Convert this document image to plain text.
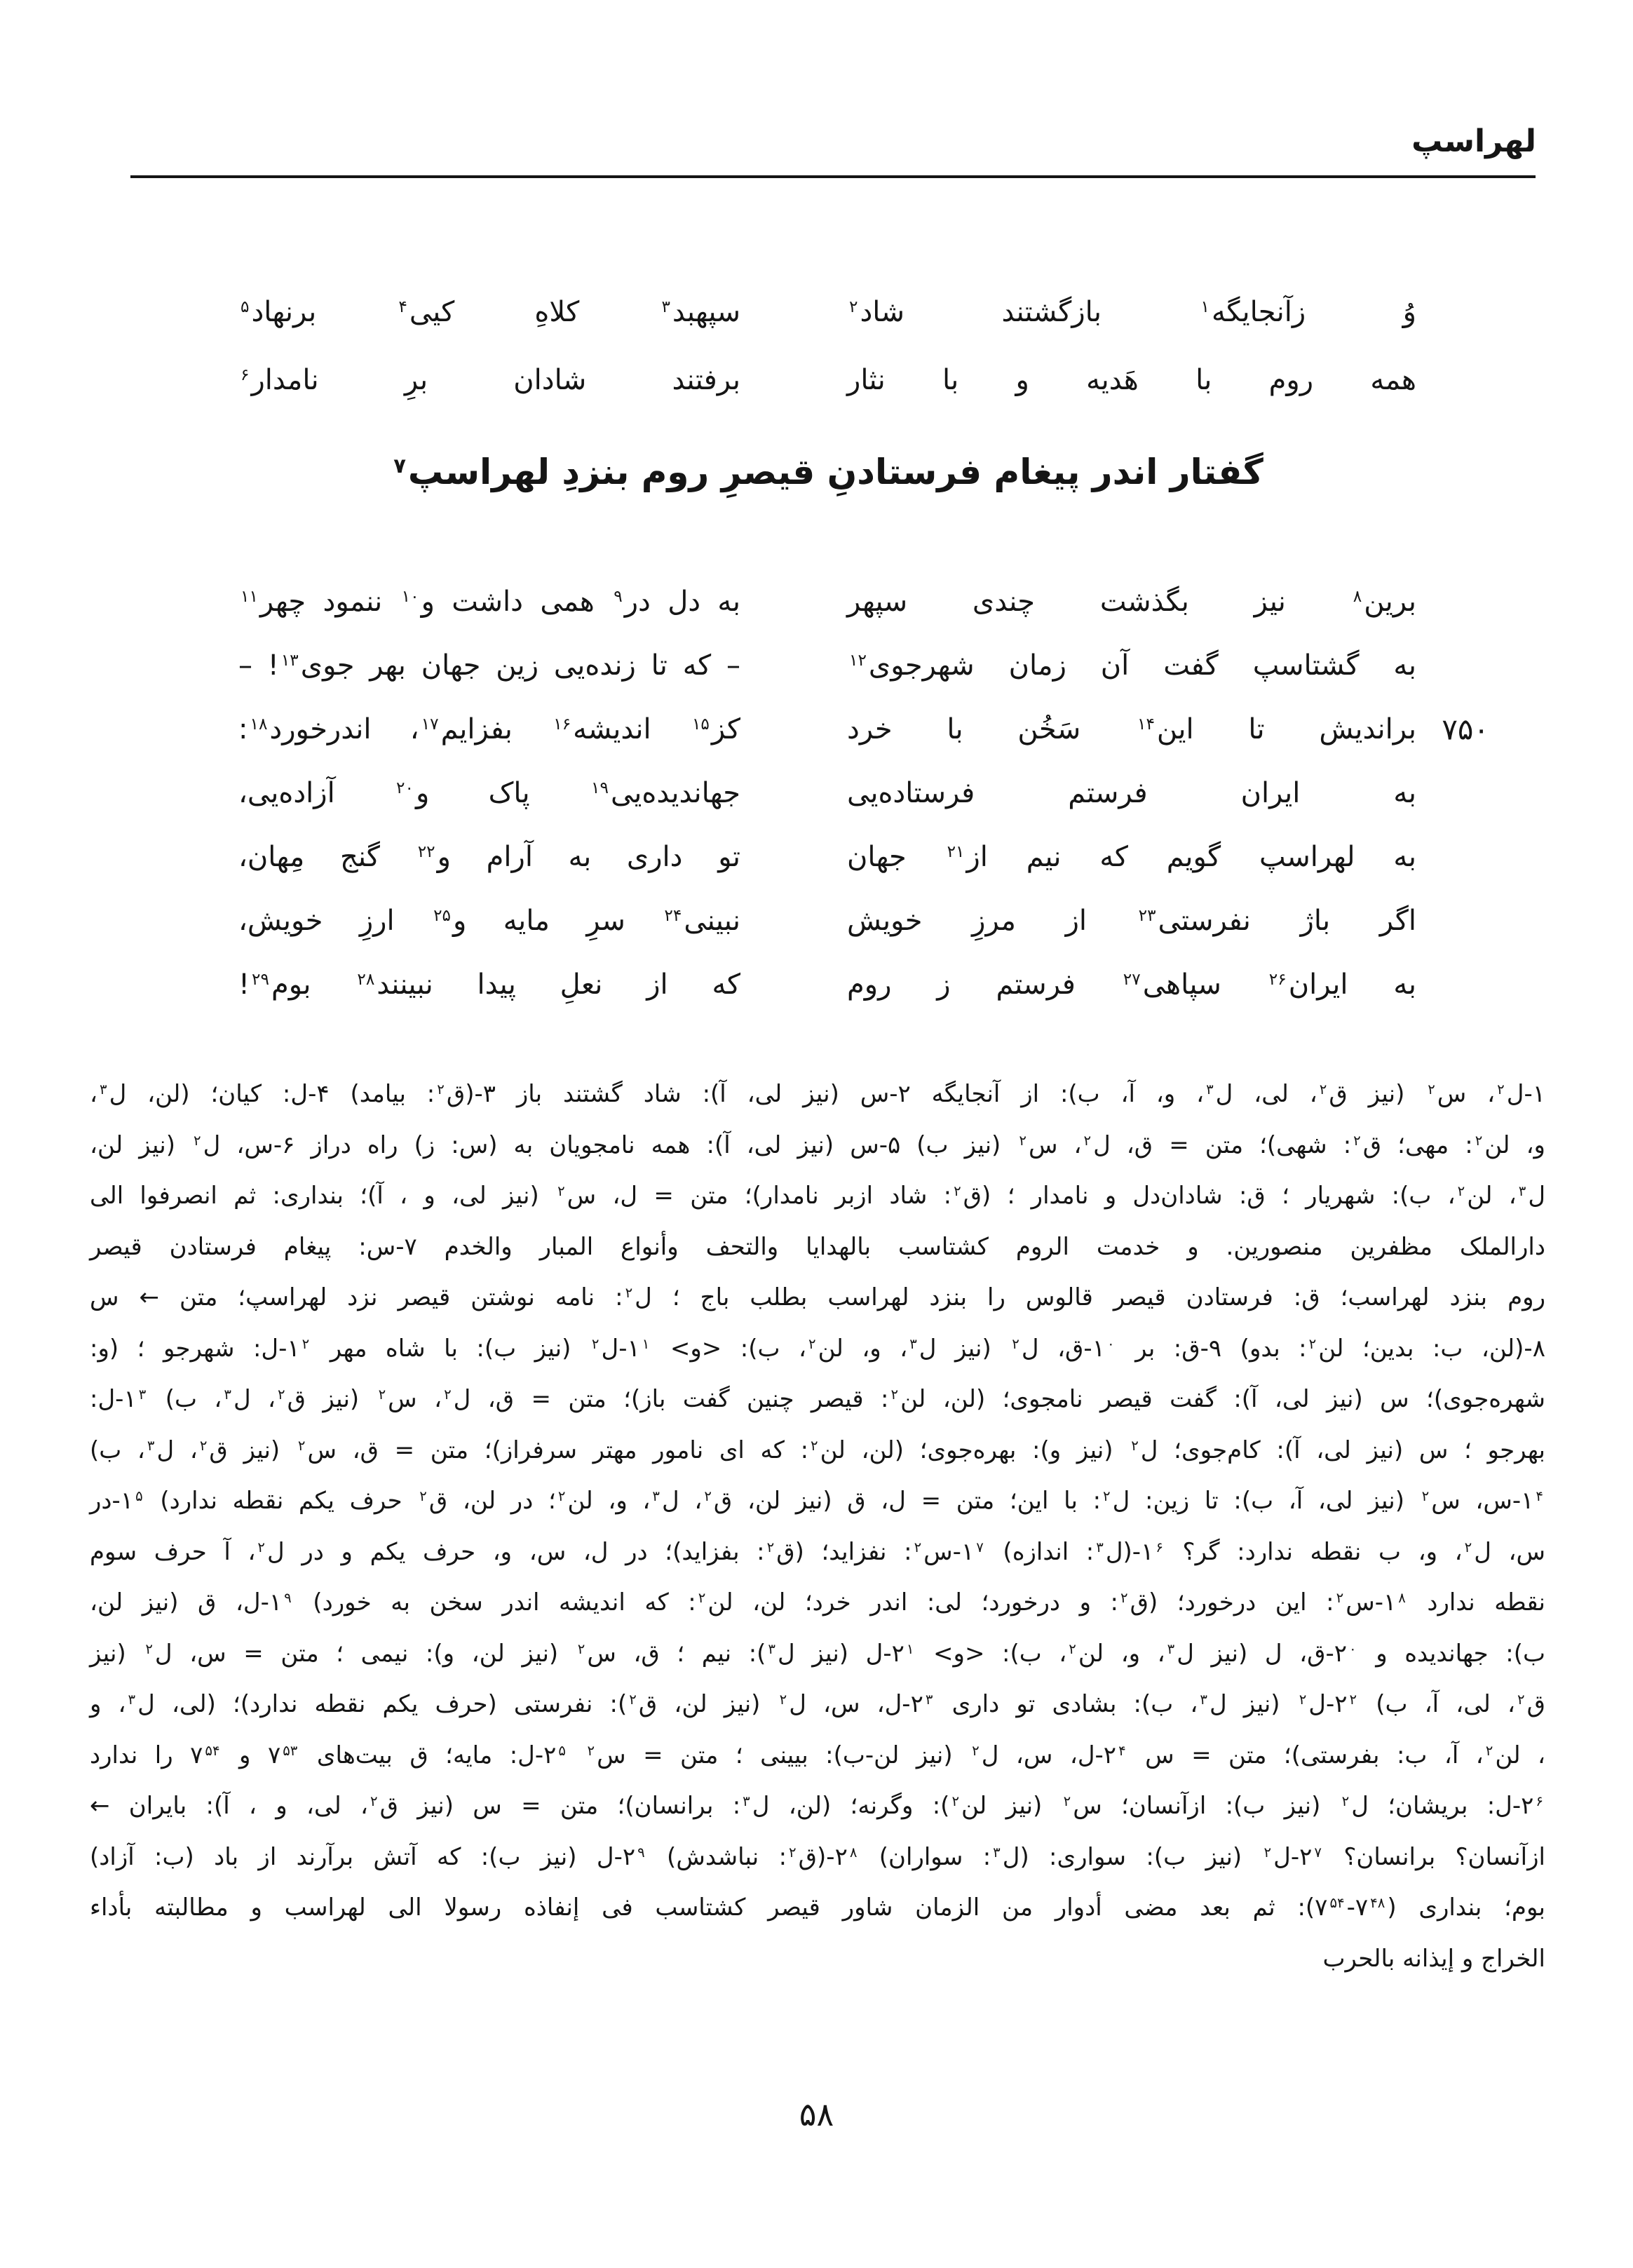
لهراسپ
وُ زآنجایگه$^۱$ بازگشتند شاد$^۲$
سپهبد$^۳$ کلاهِ کیی$^۴$ برنهاد$^۵$
همه روم با هَدیه و با نثار
برفتند شادان برِ نامدار$^۶$
گفتار اندر پیغام فرستادنِ قیصرِ روم بنزدِ لهراسپ$^۷$
برین$^۸$ نیز بگذشت چندی سپهر
به دل در$^۹$ همی داشت و$^{۱۰}$ ننمود چهر$^{۱۱}$
به گشتاسپ گفت آن زمان شهرجوی$^{۱۲}$
– که تا زنده‌یی زین جهان بهر جوی$^{۱۳}$! –
۷۵۰
براندیش تا این$^{۱۴}$ سَخُن با خرد
کز$^{۱۵}$ اندیشه$^{۱۶}$ بفزایم$^{۱۷}$، اندرخورد$^{۱۸}$:
به ایران فرستم فرستاده‌یی
جهاندیده‌یی$^{۱۹}$ پاک و$^{۲۰}$ آزاده‌یی،
به لهراسپ گویم که نیم از$^{۲۱}$ جهان
تو داری به آرام و$^{۲۲}$ گنج مِهان،
اگر باژ نفرستی$^{۲۳}$ از مرزِ خویش
نبینی$^{۲۴}$ سرِ مایه و$^{۲۵}$ ارزِ خویش،
به ایران$^{۲۶}$ سپاهی$^{۲۷}$ فرستم ز روم
که از نعلِ پیدا نبینند$^{۲۸}$ بوم$^{۲۹}$!
۱-ل$^۲$، س$^۲$ (نیز ق$^۲$، لی، ل$^۳$، و، آ، ب): از آنجایگه ۲-س (نیز لی، آ): شاد گشتند باز ۳-(ق$^۲$: بیامد) ۴-ل: کیان؛ (لن، ل$^۳$،
و، لن$^۲$: مهی؛ ق$^۲$: شهی)؛ متن = ق، ل$^۲$، س$^۲$ (نیز ب) ۵-س (نیز لی، آ): همه نامجویان به (س: ز) راه دراز ۶-س، ل$^۲$ (نیز لن،
ل$^۳$، لن$^۲$، ب): شهریار ؛ ق: شادان‌دل و نامدار ؛ (ق$^۲$: شاد ازبر نامدار)؛ متن = ل، س$^۲$ (نیز لی، و ، آ)؛ بنداری: ثم انصرفوا الی
دارالملک مظفرین منصورین. و خدمت الروم کشتاسب بالهدایا والتحف وأنواع المبار والخدم ۷-س: پیغام فرستادن قیصر
روم بنزد لهراسب؛ ق: فرستادن قیصر قالوس را بنزد لهراسب بطلب باج ؛ ل$^۲$: نامه نوشتن قیصر نزد لهراسپ؛ متن ← س
۸-(لن، ب: بدین؛ لن$^۲$: بدو) ۹-ق: بر $۱^۰-ق،$ ل$^۲$ (نیز ل$^۳$، و، لن$^۲$، ب): <و> $۱^۱-ل^۲$ (نیز ب): با شاه مهر $۱^۲-ل$: شهرجو ؛ (و:
شهره‌جوی)؛ س (نیز لی، آ): گفت قیصر نامجوی؛ (لن، لن$^۲$: قیصر چنین گفت باز)؛ متن = ق، ل$^۲$، س$^۲$ (نیز ق$^۲$، ل$^۳$، ب) $۱^۳-ل$:
بهرجو ؛ س (نیز لی، آ): کام‌جوی؛ ل$^۲$ (نیز و): بهره‌جوی؛ (لن، لن$^۲$: که ای نامور مهتر سرفراز)؛ متن = ق، س$^۲$ (نیز ق$^۲$، ل$^۳$، ب)
۱ $^۴$-س، س$^۲$ (نیز لی، آ، ب): تا زین: ل$^۲$: با این؛ متن = ل، ق (نیز لن، ق$^۲$، ل$^۳$، و، لن$^۲$؛ در لن، ق$^۲$ حرف یکم نقطه ندارد) $۱^۵-در$
س، ل$^۲$، و، ب نقطه ندارد: گر؟ $۱^۶-(ل^۳$: اندازه) $۱^۷-س^۲$: نفزاید؛ (ق$^۲$: بفزاید)؛ در ل، س، و، حرف یکم و در ل$^۲$، آ حرف سوم
نقطه ندارد $۱^۸-س^۲$: این درخورد؛ (ق$^۲$: و درخورد؛ لی: اندر خرد؛ لن، لن$^۲$: که اندیشه اندر سخن به خورد) $۱^۹-ل،$ ق (نیز لن،
ب): جهاندیده و $۲^۰-ق،$ ل (نیز ل$^۳$، و، لن$^۲$، ب): <و> $۲^۱-ل$ (نیز ل$^۳$): نیم ؛ ق، س$^۲$ (نیز لن، و): نیمی ؛ متن = س، ل$^۲$ (نیز
ق$^۲$، لی، آ، ب) $۲^۲-ل^۲$ (نیز ل$^۳$، ب): بشادی تو داری $۲^۳-ل،$ س، ل$^۲$ (نیز لن، ق$^۲$): نفرستی (حرف یکم نقطه ندارد)؛ (لی، ل$^۳$، و
، لن$^۲$، آ، ب: بفرستی)؛ متن = س $۲^۴-ل،$ س، ل$^۲$ (نیز لن-ب): بیینی ؛ متن = س$^۲$ $۲^۵-ل$: مایه؛ ق بیت‌های $۷^{۵۳}$ و $۷^{۵۴}$ را ندارد
۲ $^۶$-ل: بریشان؛ ل$^۲$ (نیز ب): ازآنسان؛ س$^۲$ (نیز لن$^۲$): وگرنه؛ (لن، ل$^۳$: برانسان)؛ متن = س (نیز ق$^۲$، لی، و ، آ): بایران ←
ازآنسان؟ برانسان؟ $۲^۷-ل^۲$ (نیز ب): سواری: (ل$^۳$: سواران) $۲^۸-(ق^۲$: نباشدش) $۲^۹-ل$ (نیز ب): که آتش برآرند از باد (ب: آزاد)
بوم؛ بنداری $(۷^{۴۸}-۷^{۵۴})$: ثم بعد مضی أدوار من الزمان شاور قیصر کشتاسب فی إنفاذه رسولا الی لهراسب و مطالبته بأداء
الخراج و إیذانه بالحرب
۵۸
